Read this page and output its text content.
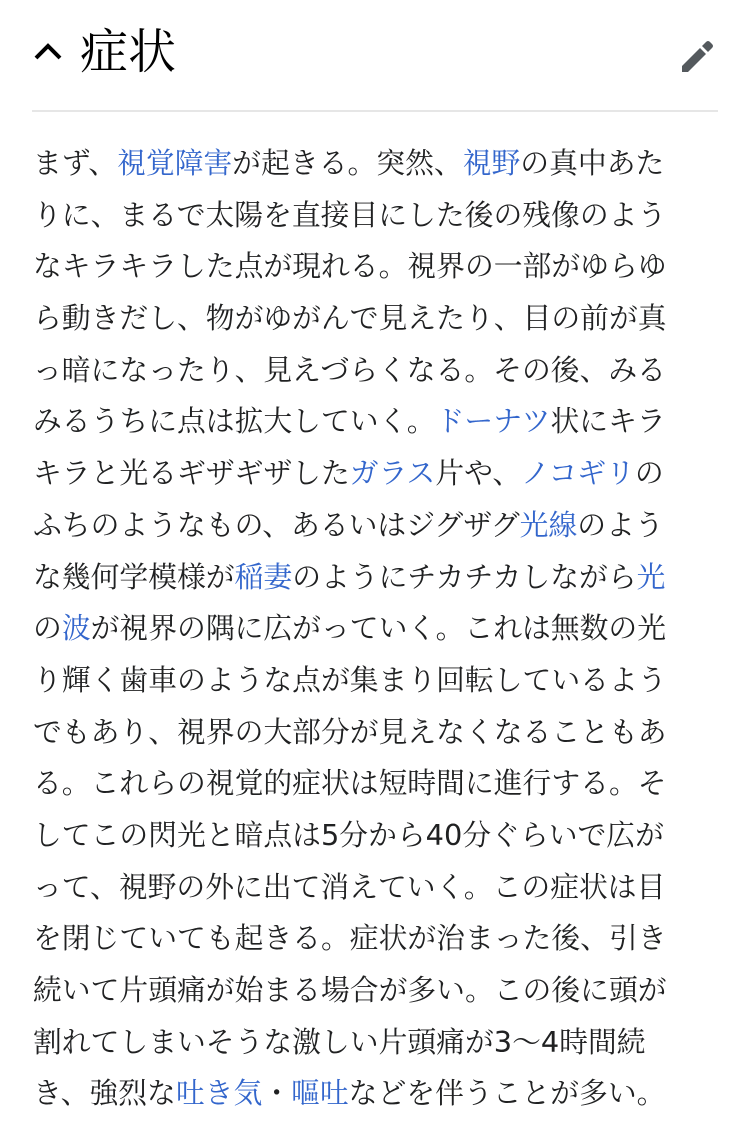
症状
まず、視覚障害が起きる。突然、視野の真中あた
りに、まるで太陽を直接目にした後の残像のよう
なキラキラした点が現れる。視界の一部がゆらゆ
ら動きだし、物がゆがんで見えたり、目の前が真
っ暗になったり、見えづらくなる。その後、みる
みるうちに点は拡大していく。ドーナツ状にキラ
キラと光るギザギザしたガラス片や、ノコギリの
ふちのようなもの、あるいはジグザグ光線のよう
な幾何学模様が稲妻のようにチカチカしながら光
の波が視界の隅に広がっていく。これは無数の光
り輝く歯車のような点が集まり回転しているよう
でもあり、視界の大部分が見えなくなることもあ
る。これらの視覚的症状は短時間に進行する。そ
してこの閃光と暗点は5分から40分ぐらいで広が
って、視野の外に出て消えていく。この症状は目
を閉じていても起きる。症状が治まった後、引き
続いて片頭痛が始まる場合が多い。この後に頭が
割れてしまいそうな激しい片頭痛が3〜4時間続
き、強烈な吐き気・嘔吐などを伴うことが多い。
